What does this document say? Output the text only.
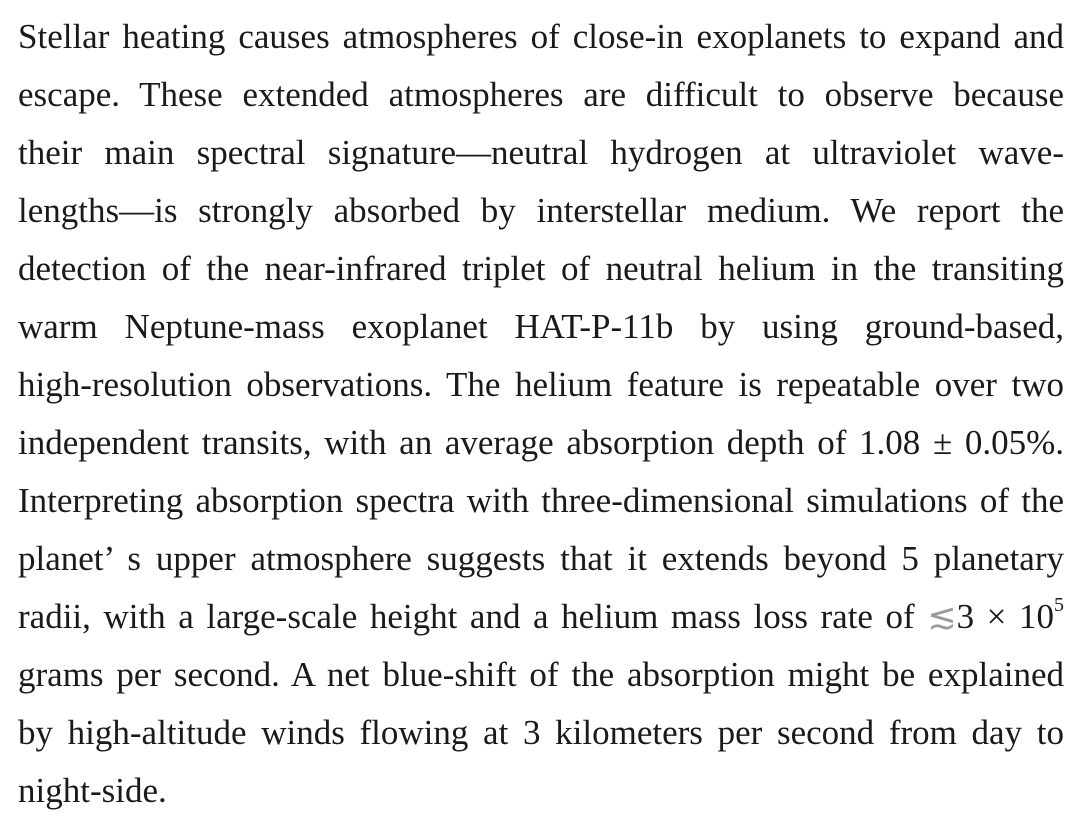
Stellar heating causes atmospheres of close-in exoplanets to expand and
escape. These extended atmospheres are difficult to observe because
their main spectral signature—neutral hydrogen at ultraviolet wave-
lengths—is strongly absorbed by interstellar medium. We report the
detection of the near-infrared triplet of neutral helium in the transiting
warm Neptune-mass exoplanet HAT-P-11b by using ground-based,
high-resolution observations. The helium feature is repeatable over two
independent transits, with an average absorption depth of 1.08 ± 0.05%.
Interpreting absorption spectra with three-dimensional simulations of the
planet’ s upper atmosphere suggests that it extends beyond 5 planetary
radii, with a large-scale height and a helium mass loss rate of ≲3 × $10^5$
grams per second. A net blue-shift of the absorption might be explained
by high-altitude winds flowing at 3 kilometers per second from day to
night-side.
